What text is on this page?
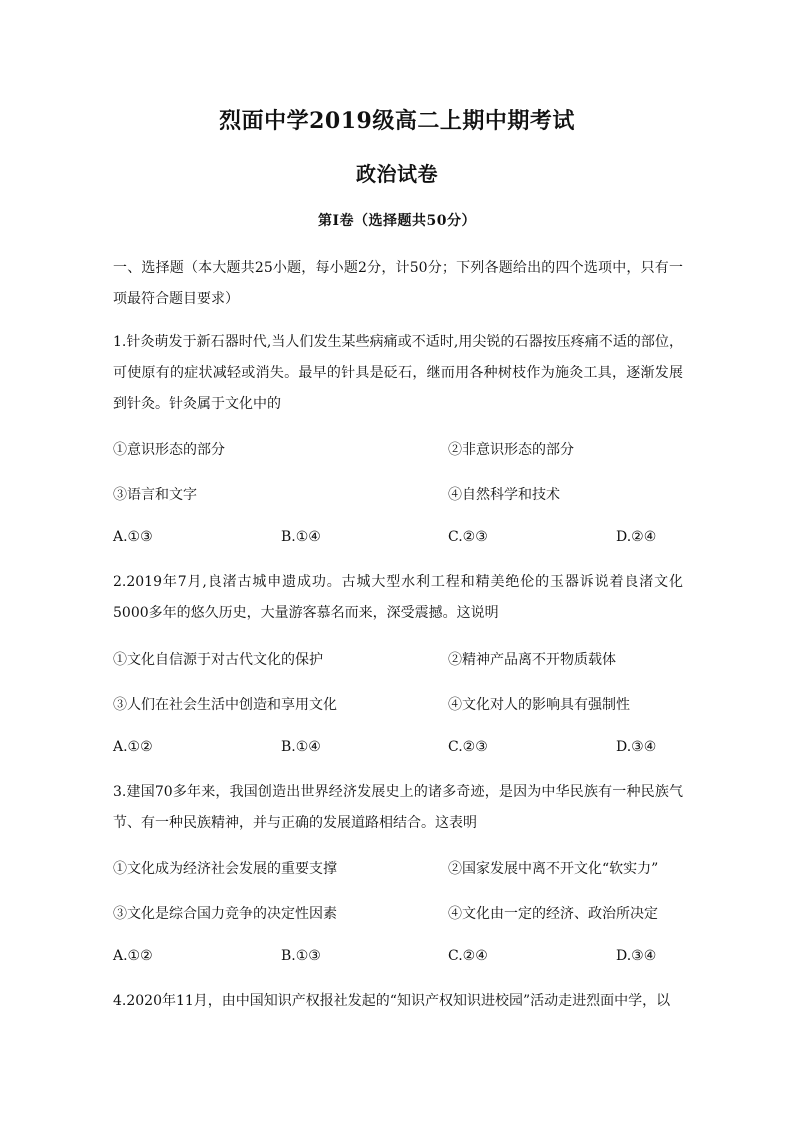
烈面中学2019级高二上期中期考试
政治试卷
第Ⅰ卷（选择题共50分）
一、选择题（本大题共25小题，每小题2分，计50分；下列各题给出的四个选项中，只有一项最符合题目要求）
1.针灸萌发于新石器时代,当人们发生某些病痛或不适时,用尖锐的石器按压疼痛不适的部位，可使原有的症状减轻或消失。最早的针具是砭石，继而用各种树枝作为施灸工具，逐渐发展到针灸。针灸属于文化中的
①意识形态的部分	②非意识形态的部分
③语言和文字	④自然科学和技术
A.①③	B.①④	C.②③	D.②④
2.2019年7月,良渚古城申遗成功。古城大型水利工程和精美绝伦的玉器诉说着良渚文化5000多年的悠久历史，大量游客慕名而来，深受震撼。这说明
①文化自信源于对古代文化的保护	②精神产品离不开物质载体
③人们在社会生活中创造和享用文化	④文化对人的影响具有强制性
A.①②	B.①④	C.②③	D.③④
3.建国70多年来，我国创造出世界经济发展史上的诸多奇迹，是因为中华民族有一种民族气节、有一种民族精神，并与正确的发展道路相结合。这表明
①文化成为经济社会发展的重要支撑	②国家发展中离不开文化“软实力”
③文化是综合国力竞争的决定性因素	④文化由一定的经济、政治所决定
A.①②	B.①③	C.②④	D.③④
4.2020年11月，由中国知识产权报社发起的“知识产权知识进校园”活动走进烈面中学，以
